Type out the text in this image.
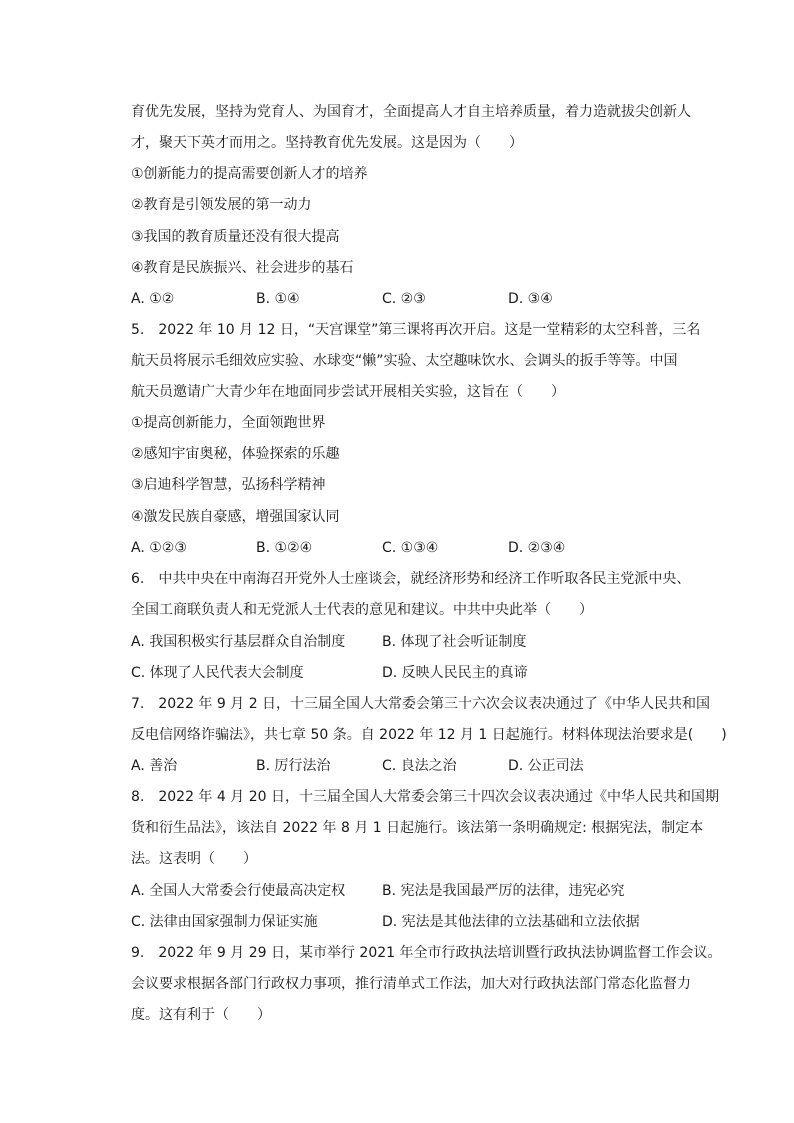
育优先发展，坚持为党育人、为国育才，全面提高人才自主培养质量，着力造就拔尖创新人
才，聚天下英才而用之。坚持教育优先发展。这是因为（　　）
①创新能力的提高需要创新人才的培养
②教育是引领发展的第一动力
③我国的教育质量还没有很大提高
④教育是民族振兴、社会进步的基石
A. ①②	B. ①④	C. ②③	D. ③④
5.　2022 年 10 月 12 日，“天宫课堂”第三课将再次开启。这是一堂精彩的太空科普，三名
航天员将展示毛细效应实验、水球变“懒”实验、太空趣味饮水、会调头的扳手等等。中国
航天员邀请广大青少年在地面同步尝试开展相关实验，这旨在（　　）
①提高创新能力，全面领跑世界
②感知宇宙奥秘，体验探索的乐趣
③启迪科学智慧，弘扬科学精神
④激发民族自豪感，增强国家认同
A. ①②③	B. ①②④	C. ①③④	D. ②③④
6.　中共中央在中南海召开党外人士座谈会，就经济形势和经济工作听取各民主党派中央、
全国工商联负责人和无党派人士代表的意见和建议。中共中央此举（　　）
A. 我国积极实行基层群众自治制度	B. 体现了社会听证制度
C. 体现了人民代表大会制度	D. 反映人民民主的真谛
7.　2022 年 9 月 2 日，十三届全国人大常委会第三十六次会议表决通过了《中华人民共和国
反电信网络诈骗法》，共七章 50 条。自 2022 年 12 月 1 日起施行。材料体现法治要求是(　　)
A. 善治	B. 厉行法治	C. 良法之治	D. 公正司法
8.　2022 年 4 月 20 日，十三届全国人大常委会第三十四次会议表决通过《中华人民共和国期
货和衍生品法》，该法自 2022 年 8 月 1 日起施行。该法第一条明确规定: 根据宪法，制定本
法。这表明（　　）
A. 全国人大常委会行使最高决定权	B. 宪法是我国最严厉的法律，违宪必究
C. 法律由国家强制力保证实施	D. 宪法是其他法律的立法基础和立法依据
9.　2022 年 9 月 29 日，某市举行 2021 年全市行政执法培训暨行政执法协调监督工作会议。
会议要求根据各部门行政权力事项，推行清单式工作法，加大对行政执法部门常态化监督力
度。这有利于（　　）
